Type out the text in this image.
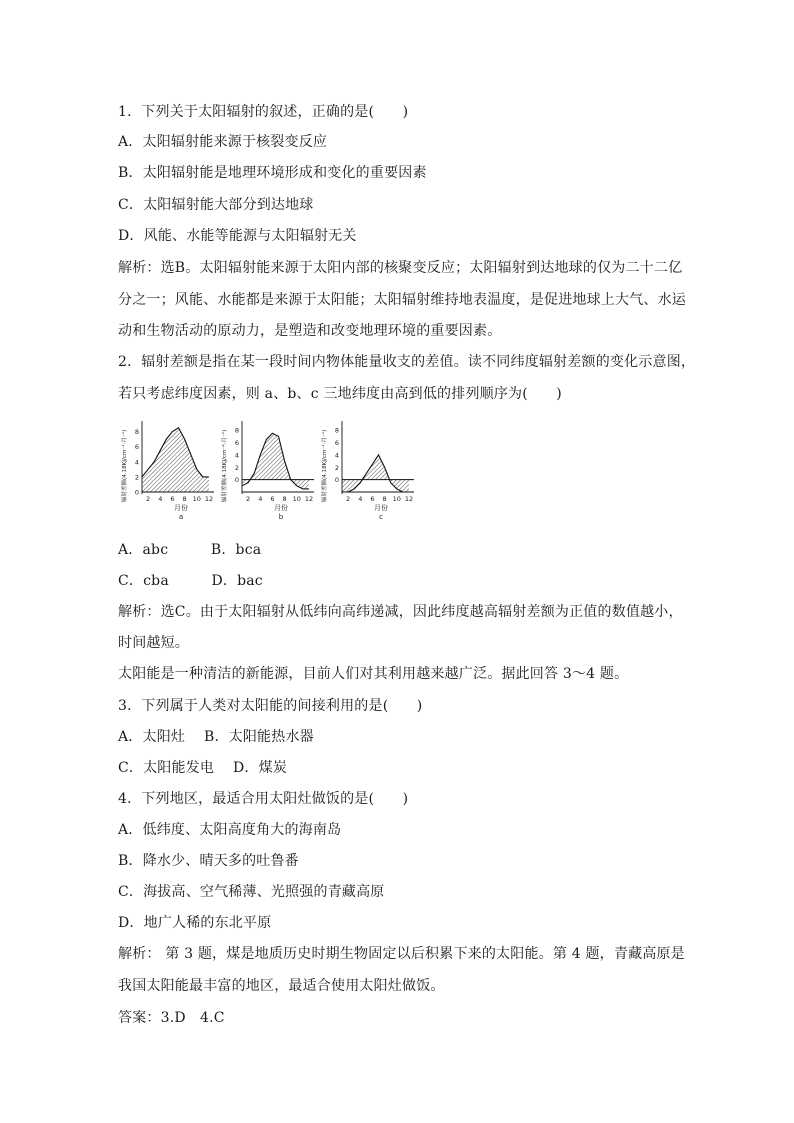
1．下列关于太阳辐射的叙述，正确的是(　　)
A．太阳辐射能来源于核裂变反应
B．太阳辐射能是地理环境形成和变化的重要因素
C．太阳辐射能大部分到达地球
D．风能、水能等能源与太阳辐射无关
解析：选B。太阳辐射能来源于太阳内部的核聚变反应；太阳辐射到达地球的仅为二十二亿
分之一；风能、水能都是来源于太阳能；太阳辐射维持地表温度，是促进地球上大气、水运
动和生物活动的原动力，是塑造和改变地理环境的重要因素。
2．辐射差额是指在某一段时间内物体能量收支的差值。读不同纬度辐射差额的变化示意图，
若只考虑纬度因素，则 a、b、c 三地纬度由高到低的排列顺序为(　　)
8
6
4
2
0
2 4 6 8 10 12
月份
a
辐射差额(4.18KJ/cm⁻²·月⁻¹)	8
6
4
2
0
2 4 6 8 10 12
月份
b
辐射差额(4.18KJ/cm⁻²·月⁻¹)	8
6
4
2
0
2 4 6 8 10 12
月份
c
辐射差额(4.18KJ/cm⁻²·月⁻¹)
A．abc　　　B．bca
C．cba　　　D．bac
解析：选C。由于太阳辐射从低纬向高纬递减，因此纬度越高辐射差额为正值的数值越小，
时间越短。
太阳能是一种清洁的新能源，目前人们对其利用越来越广泛。据此回答 3～4 题。
3．下列属于人类对太阳能的间接利用的是(　　)
A．太阳灶　 B．太阳能热水器
C．太阳能发电　 D．煤炭
4．下列地区，最适合用太阳灶做饭的是(　　)
A．低纬度、太阳高度角大的海南岛
B．降水少、晴天多的吐鲁番
C．海拔高、空气稀薄、光照强的青藏高原
D．地广人稀的东北平原
解析： 第 3 题，煤是地质历史时期生物固定以后积累下来的太阳能。第 4 题，青藏高原是
我国太阳能最丰富的地区，最适合使用太阳灶做饭。
答案：3.D　4.C
